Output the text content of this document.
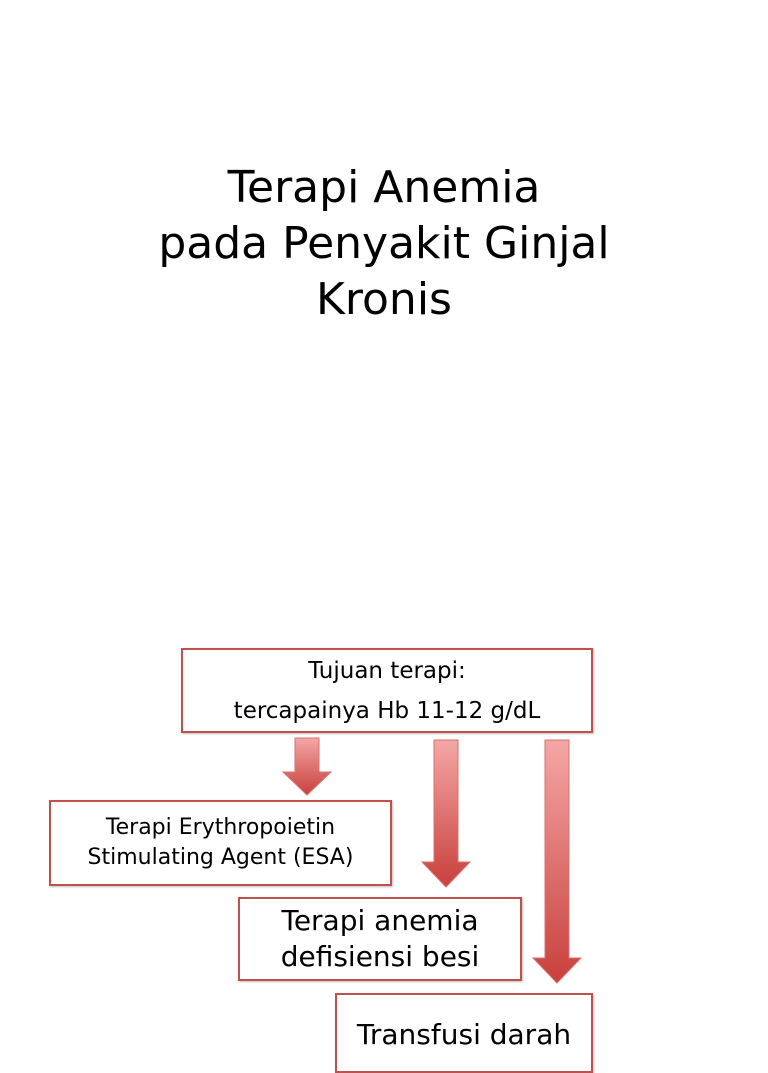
Terapi Anemia
pada Penyakit Ginjal
Kronis
Tujuan terapi:
tercapainya Hb 11-12 g/dL
Terapi Erythropoietin
Stimulating Agent (ESA)
Terapi anemia
defisiensi besi
Transfusi darah
